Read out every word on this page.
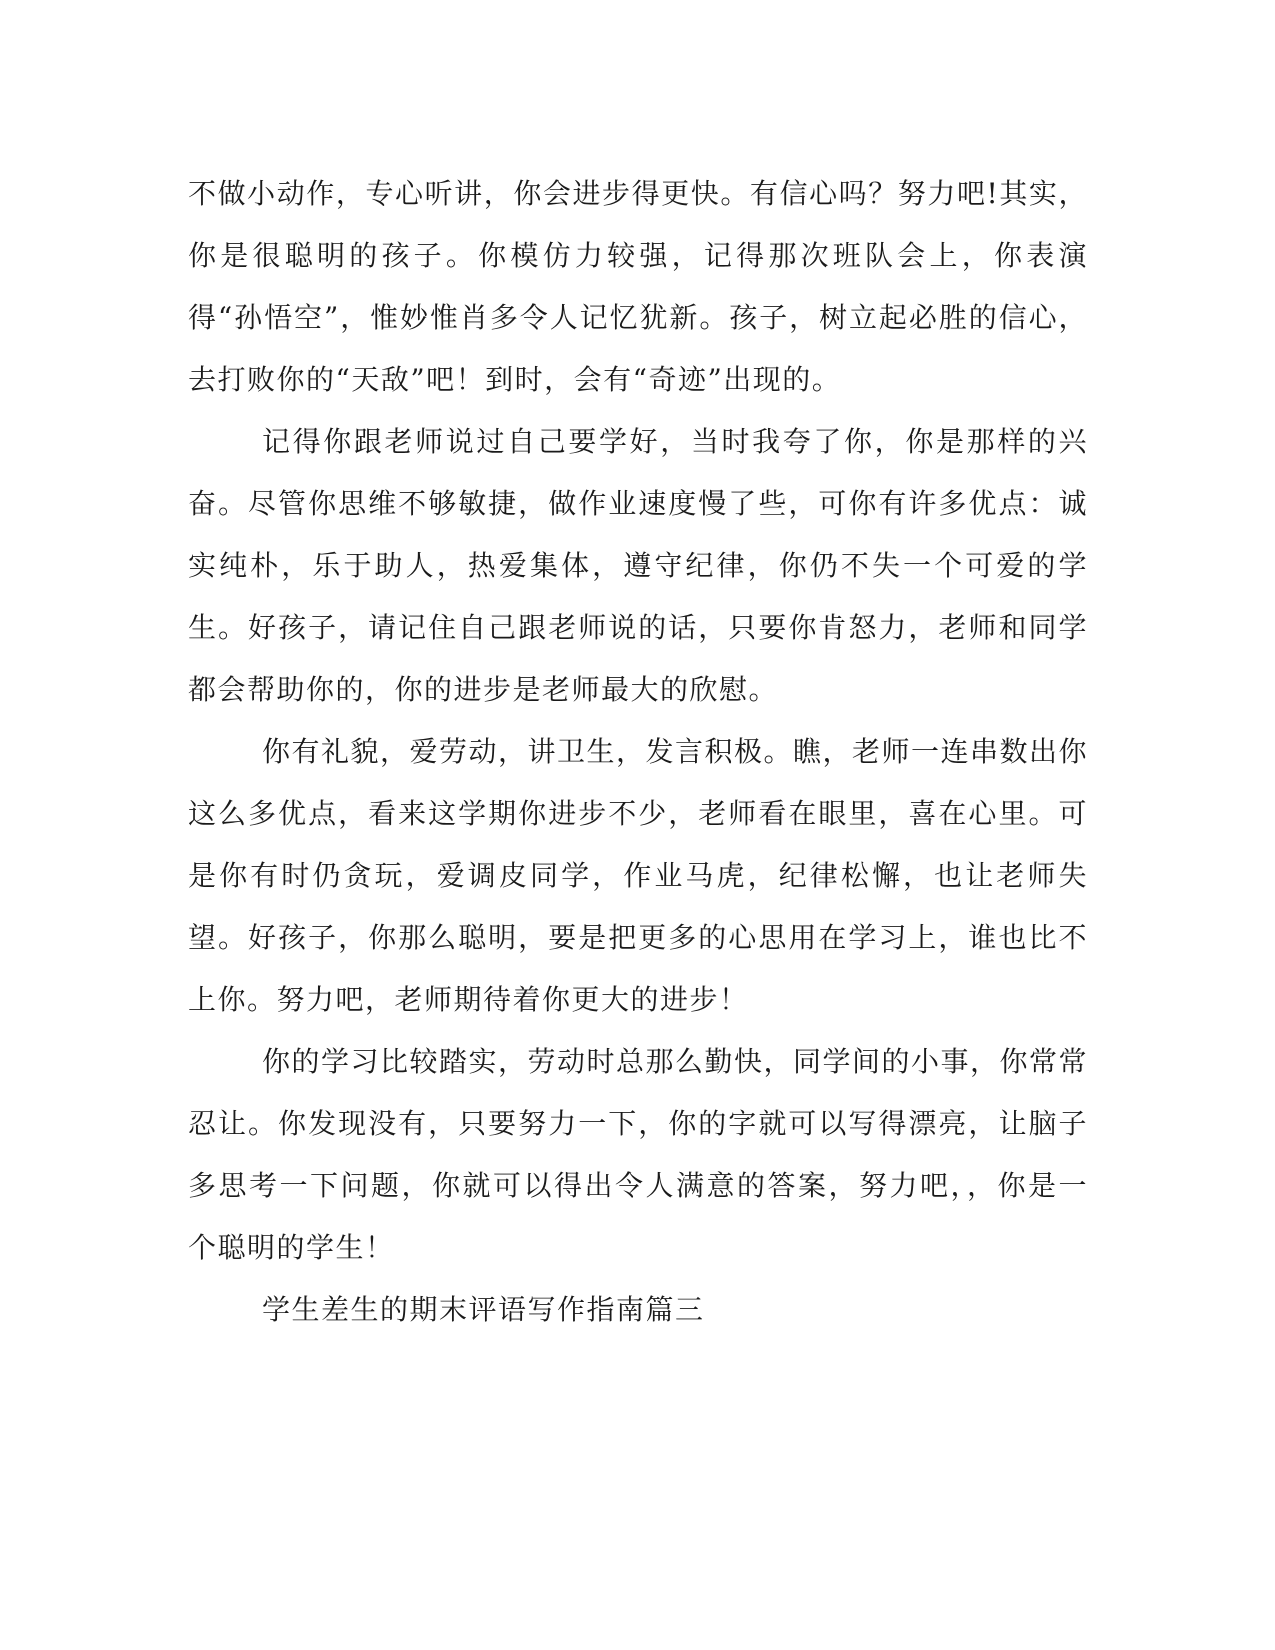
不做小动作，专心听讲，你会进步得更快。有信心吗？努力吧!其实，你是很聪明的孩子。你模仿力较强，记得那次班队会上，你表演得“孙悟空”，惟妙惟肖多令人记忆犹新。孩子，树立起必胜的信心，去打败你的“天敌”吧！到时，会有“奇迹”出现的。

记得你跟老师说过自己要学好，当时我夸了你，你是那样的兴奋。尽管你思维不够敏捷，做作业速度慢了些，可你有许多优点：诚实纯朴，乐于助人，热爱集体，遵守纪律，你仍不失一个可爱的学生。好孩子，请记住自己跟老师说的话，只要你肯怒力，老师和同学都会帮助你的，你的进步是老师最大的欣慰。

你有礼貌，爱劳动，讲卫生，发言积极。瞧，老师一连串数出你这么多优点，看来这学期你进步不少，老师看在眼里，喜在心里。可是你有时仍贪玩，爱调皮同学，作业马虎，纪律松懈，也让老师失望。好孩子，你那么聪明，要是把更多的心思用在学习上，谁也比不上你。努力吧，老师期待着你更大的进步！

你的学习比较踏实，劳动时总那么勤快，同学间的小事，你常常忍让。你发现没有，只要努力一下，你的字就可以写得漂亮，让脑子多思考一下问题，你就可以得出令人满意的答案，努力吧，，你是一个聪明的学生！

学生差生的期末评语写作指南篇三
